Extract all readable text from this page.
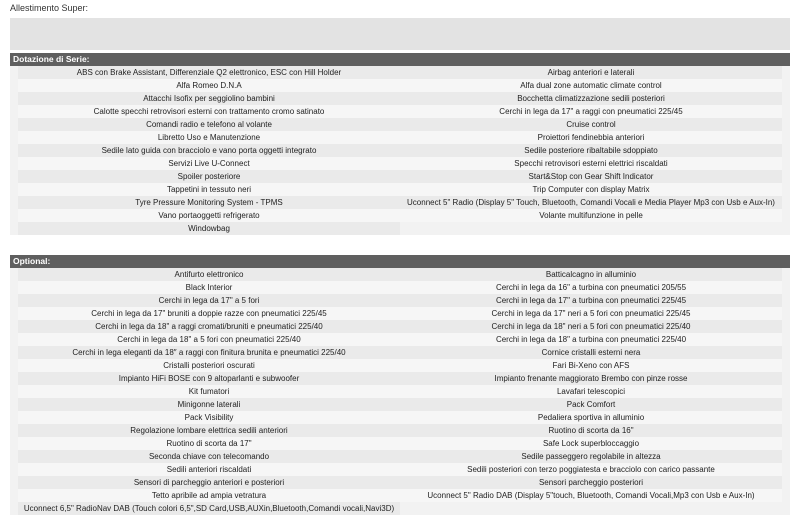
Allestimento Super:
Dotazione di Serie:
ABS con Brake Assistant, Differenziale Q2 elettronico, ESC con Hill Holder	Airbag anteriori e laterali
Alfa Romeo D.N.A	Alfa dual zone automatic climate control
Attacchi Isofix per seggiolino bambini	Bocchetta climatizzazione sedili posteriori
Calotte specchi retrovisori esterni con trattamento cromo satinato	Cerchi in lega da 17" a raggi con pneumatici 225/45
Comandi radio e telefono al volante	Cruise control
Libretto Uso e Manutenzione	Proiettori fendinebbia anteriori
Sedile lato guida con bracciolo e vano porta oggetti integrato	Sedile posteriore ribaltabile sdoppiato
Servizi Live U-Connect	Specchi retrovisori esterni elettrici riscaldati
Spoiler posteriore	Start&Stop con Gear Shift Indicator
Tappetini in tessuto neri	Trip Computer con display Matrix
Tyre Pressure Monitoring System - TPMS	Uconnect 5" Radio (Display 5" Touch, Bluetooth, Comandi Vocali e Media Player Mp3 con Usb e Aux-In)
Vano portaoggetti refrigerato	Volante multifunzione in pelle
Windowbag
Optional:
Antifurto elettronico	Batticalcagno in alluminio
Black Interior	Cerchi in lega da 16" a turbina con pneumatici 205/55
Cerchi in lega da 17" a 5 fori	Cerchi in lega da 17" a turbina con pneumatici 225/45
Cerchi in lega da 17" bruniti a doppie razze con pneumatici 225/45	Cerchi in lega da 17" neri a 5 fori con pneumatici 225/45
Cerchi in lega da 18" a raggi cromati/bruniti e pneumatici 225/40	Cerchi in lega da 18" neri a 5 fori con pneumatici 225/40
Cerchi in lega da 18" a 5 fori con pneumatici 225/40	Cerchi in lega da 18" a turbina con pneumatici 225/40
Cerchi in lega eleganti da 18″ a raggi con finitura brunita e pneumatici 225/40	Cornice cristalli esterni nera
Cristalli posteriori oscurati	Fari Bi-Xeno con AFS
Impianto HiFi BOSE con 9 altoparlanti e subwoofer	Impianto frenante maggiorato Brembo con pinze rosse
Kit fumatori	Lavafari telescopici
Minigonne laterali	Pack Comfort
Pack Visibility	Pedaliera sportiva in alluminio
Regolazione lombare elettrica sedili anteriori	Ruotino di scorta da 16"
Ruotino di scorta da 17"	Safe Lock superbloccaggio
Seconda chiave con telecomando	Sedile passeggero regolabile in altezza
Sedili anteriori riscaldati	Sedili posteriori con terzo poggiatesta e bracciolo con carico passante
Sensori di parcheggio anteriori e posteriori	Sensori parcheggio posteriori
Tetto apribile ad ampia vetratura	Uconnect 5" Radio DAB (Display 5"touch, Bluetooth, Comandi Vocali,Mp3 con Usb e Aux-In)
Uconnect 6,5" RadioNav DAB (Touch colori 6,5",SD Card,USB,AUXin,Bluetooth,Comandi vocali,Navi3D)
